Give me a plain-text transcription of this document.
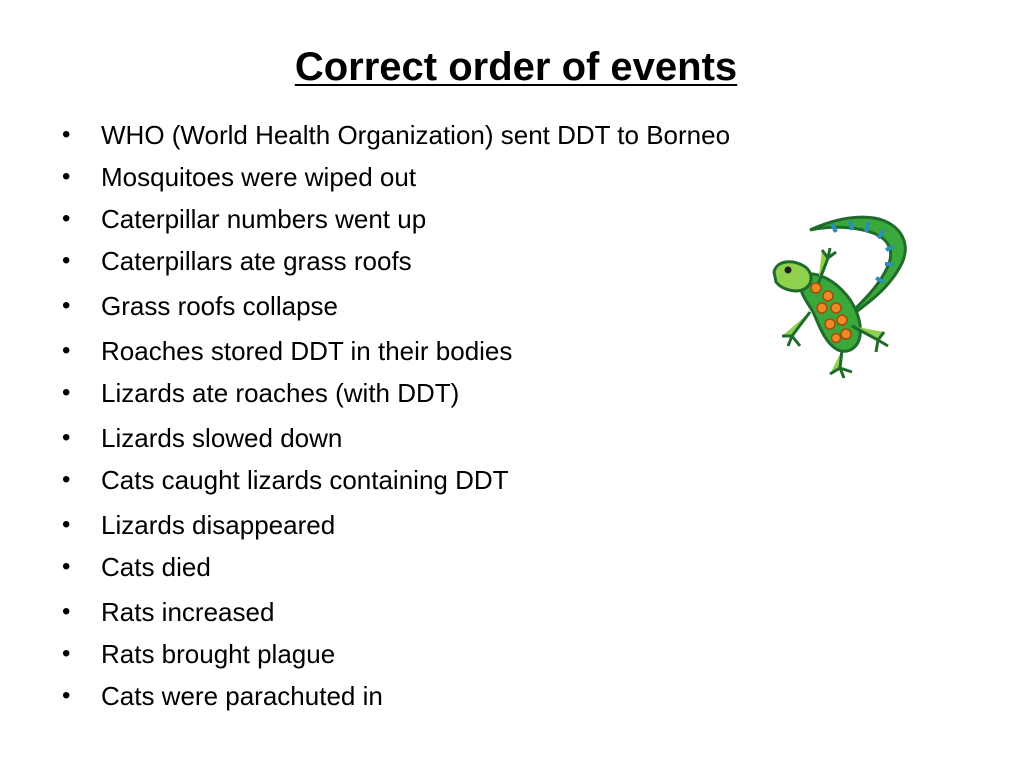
Correct order of events
• WHO (World Health Organization) sent DDT to Borneo
• Mosquitoes were wiped out
• Caterpillar numbers went up
• Caterpillars ate grass roofs
• Grass roofs collapse
• Roaches stored DDT in their bodies
• Lizards ate roaches (with DDT)
• Lizards slowed down
• Cats caught lizards containing DDT
• Lizards disappeared
• Cats died
• Rats increased
• Rats brought plague
• Cats were parachuted in
